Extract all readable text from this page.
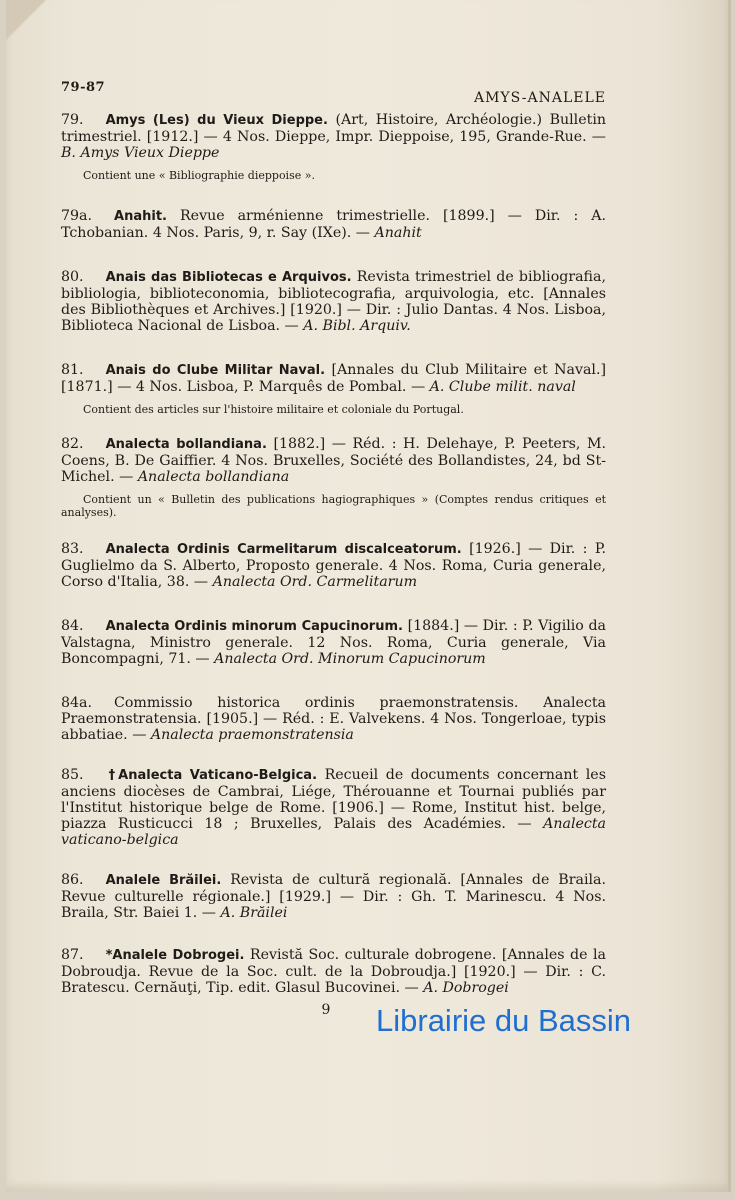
79-87
AMYS-ANALELE
79. Amys (Les) du Vieux Dieppe. (Art, Histoire, Archéologie.) Bulletin trimestriel. [1912.] — 4 Nos. Dieppe, Impr. Dieppoise, 195, Grande-Rue. — B. Amys Vieux Dieppe
Contient une « Bibliographie dieppoise ».
79a. Anahit. Revue arménienne trimestrielle. [1899.] — Dir. : A. Tchobanian. 4 Nos. Paris, 9, r. Say (IXe). — Anahit
80. Anais das Bibliotecas e Arquivos. Revista trimestriel de bibliografia, bibliologia, biblioteconomia, bibliotecografia, arquivologia, etc. [Annales des Bibliothèques et Archives.] [1920.] — Dir. : Julio Dantas. 4 Nos. Lisboa, Biblioteca Nacional de Lisboa. — A. Bibl. Arquiv.
81. Anais do Clube Militar Naval. [Annales du Club Militaire et Naval.] [1871.] — 4 Nos. Lisboa, P. Marquês de Pombal. — A. Clube milit. naval
Contient des articles sur l'histoire militaire et coloniale du Portugal.
82. Analecta bollandiana. [1882.] — Réd. : H. Delehaye, P. Peeters, M. Coens, B. De Gaiffier. 4 Nos. Bruxelles, Société des Bollandistes, 24, bd St-Michel. — Analecta bollandiana
Contient un « Bulletin des publications hagiographiques » (Comptes rendus critiques et analyses).
83. Analecta Ordinis Carmelitarum discalceatorum. [1926.] — Dir. : P. Guglielmo da S. Alberto, Proposto generale. 4 Nos. Roma, Curia generale, Corso d'Italia, 38. — Analecta Ord. Carmelitarum
84. Analecta Ordinis minorum Capucinorum. [1884.] — Dir. : P. Vigilio da Valstagna, Ministro generale. 12 Nos. Roma, Curia generale, Via Boncompagni, 71. — Analecta Ord. Minorum Capucinorum
84a. Commissio historica ordinis praemonstratensis. Analecta Praemonstratensia. [1905.] — Réd. : E. Valvekens. 4 Nos. Tongerloae, typis abbatiae. — Analecta praemonstratensia
85. †Analecta Vaticano-Belgica. Recueil de documents concernant les anciens diocèses de Cambrai, Liége, Thérouanne et Tournai publiés par l'Institut historique belge de Rome. [1906.] — Rome, Institut hist. belge, piazza Rusticucci 18 ; Bruxelles, Palais des Académies. — Analecta vaticano-belgica
86. Analele Brăilei. Revista de cultură regională. [Annales de Braila. Revue culturelle régionale.] [1929.] — Dir. : Gh. T. Marinescu. 4 Nos. Braila, Str. Baiei 1. — A. Brăilei
87. *Analele Dobrogei. Revistă Soc. culturale dobrogene. [Annales de la Dobroudja. Revue de la Soc. cult. de la Dobroudja.] [1920.] — Dir. : C. Bratescu. Cernăuţi, Tip. edit. Glasul Bucovinei. — A. Dobrogei
9	Librairie du Bassin
